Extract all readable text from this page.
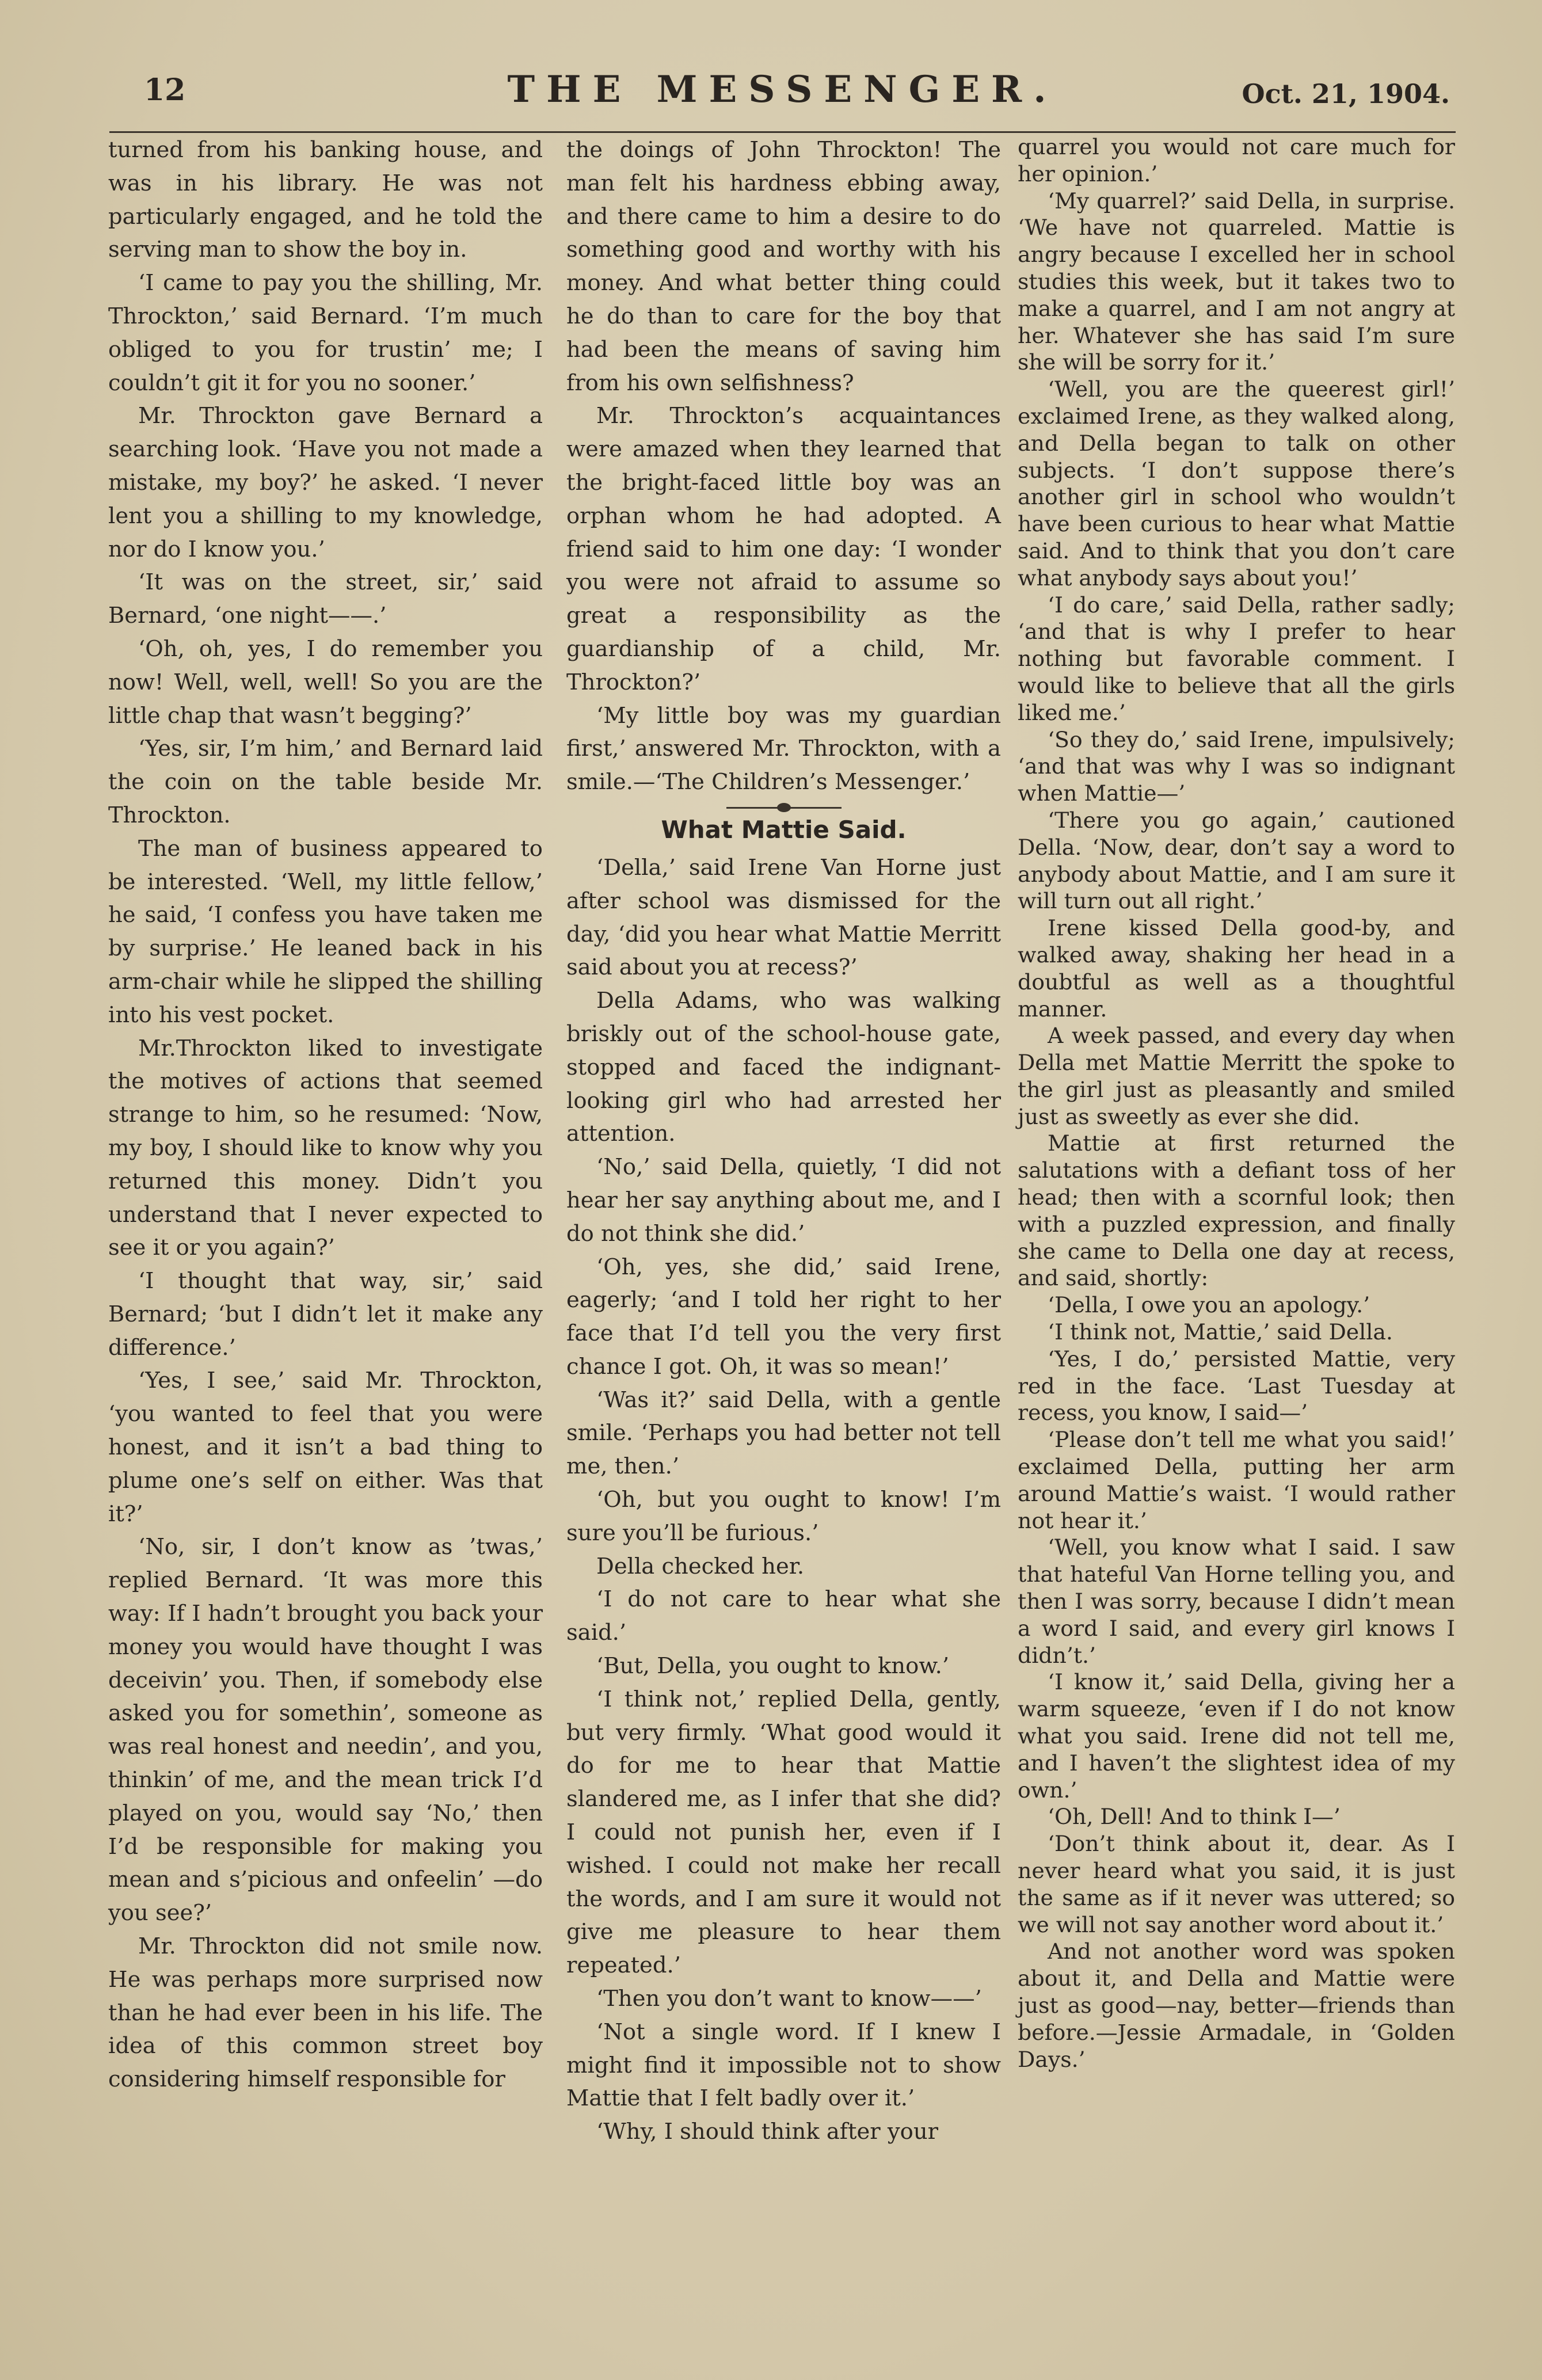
12	THE MESSENGER.	Oct. 21, 1904.

turned from his banking house, and was in his library. He was not particularly engaged, and he told the serving man to show the boy in.

‘I came to pay you the shilling, Mr. Throckton,’ said Bernard. ‘I’m much obliged to you for trustin’ me; I couldn’t git it for you no sooner.’

Mr. Throckton gave Bernard a searching look. ‘Have you not made a mistake, my boy?’ he asked. ‘I never lent you a shilling to my knowledge, nor do I know you.’

‘It was on the street, sir,’ said Bernard, ‘one night——.’

‘Oh, oh, yes, I do remember you now! Well, well, well! So you are the little chap that wasn’t begging?’

‘Yes, sir, I’m him,’ and Bernard laid the coin on the table beside Mr. Throckton.

The man of business appeared to be interested. ‘Well, my little fellow,’ he said, ‘I confess you have taken me by surprise.’ He leaned back in his arm-chair while he slipped the shilling into his vest pocket.

Mr.Throckton liked to investigate the motives of actions that seemed strange to him, so he resumed: ‘Now, my boy, I should like to know why you returned this money. Didn’t you understand that I never expected to see it or you again?’

‘I thought that way, sir,’ said Bernard; ‘but I didn’t let it make any difference.’

‘Yes, I see,’ said Mr. Throckton, ‘you wanted to feel that you were honest, and it isn’t a bad thing to plume one’s self on either. Was that it?’

‘No, sir, I don’t know as ’twas,’ replied Bernard. ‘It was more this way: If I hadn’t brought you back your money you would have thought I was deceivin’ you. Then, if somebody else asked you for somethin’, someone as was real honest and needin’, and you, thinkin’ of me, and the mean trick I’d played on you, would say ‘No,’ then I’d be responsible for making you mean and s’picious and onfeelin’ —do you see?’

Mr. Throckton did not smile now. He was perhaps more surprised now than he had ever been in his life. The idea of this common street boy considering himself responsible for

the doings of John Throckton! The man felt his hardness ebbing away, and there came to him a desire to do something good and worthy with his money. And what better thing could he do than to care for the boy that had been the means of saving him from his own selfishness?

Mr. Throckton’s acquaintances were amazed when they learned that the bright-faced little boy was an orphan whom he had adopted. A friend said to him one day: ‘I wonder you were not afraid to assume so great a responsibility as the guardianship of a child, Mr. Throckton?’

‘My little boy was my guardian first,’ answered Mr. Throckton, with a smile.—‘The Children’s Messenger.’

What Mattie Said.

‘Della,’ said Irene Van Horne just after school was dismissed for the day, ‘did you hear what Mattie Merritt said about you at recess?’

Della Adams, who was walking briskly out of the school-house gate, stopped and faced the indignant-looking girl who had arrested her attention.

‘No,’ said Della, quietly, ‘I did not hear her say anything about me, and I do not think she did.’

‘Oh, yes, she did,’ said Irene, eagerly; ‘and I told her right to her face that I’d tell you the very first chance I got. Oh, it was so mean!’

‘Was it?’ said Della, with a gentle smile. ‘Perhaps you had better not tell me, then.’

‘Oh, but you ought to know! I’m sure you’ll be furious.’

Della checked her.

‘I do not care to hear what she said.’

‘But, Della, you ought to know.’

‘I think not,’ replied Della, gently, but very firmly. ‘What good would it do for me to hear that Mattie slandered me, as I infer that she did? I could not punish her, even if I wished. I could not make her recall the words, and I am sure it would not give me pleasure to hear them repeated.’

‘Then you don’t want to know——’

‘Not a single word. If I knew I might find it impossible not to show Mattie that I felt badly over it.’

‘Why, I should think after your

quarrel you would not care much for her opinion.’

‘My quarrel?’ said Della, in surprise. ‘We have not quarreled. Mattie is angry because I excelled her in school studies this week, but it takes two to make a quarrel, and I am not angry at her. Whatever she has said I’m sure she will be sorry for it.’

‘Well, you are the queerest girl!’ exclaimed Irene, as they walked along, and Della began to talk on other subjects. ‘I don’t suppose there’s another girl in school who wouldn’t have been curious to hear what Mattie said. And to think that you don’t care what anybody says about you!’

‘I do care,’ said Della, rather sadly; ‘and that is why I prefer to hear nothing but favorable comment. I would like to believe that all the girls liked me.’

‘So they do,’ said Irene, impulsively; ‘and that was why I was so indignant when Mattie—’

‘There you go again,’ cautioned Della. ‘Now, dear, don’t say a word to anybody about Mattie, and I am sure it will turn out all right.’

Irene kissed Della good-by, and walked away, shaking her head in a doubtful as well as a thoughtful manner.

A week passed, and every day when Della met Mattie Merritt the spoke to the girl just as pleasantly and smiled just as sweetly as ever she did.

Mattie at first returned the salutations with a defiant toss of her head; then with a scornful look; then with a puzzled expression, and finally she came to Della one day at recess, and said, shortly:

‘Della, I owe you an apology.’

‘I think not, Mattie,’ said Della.

‘Yes, I do,’ persisted Mattie, very red in the face. ‘Last Tuesday at recess, you know, I said—’

‘Please don’t tell me what you said!’ exclaimed Della, putting her arm around Mattie’s waist. ‘I would rather not hear it.’

‘Well, you know what I said. I saw that hateful Van Horne telling you, and then I was sorry, because I didn’t mean a word I said, and every girl knows I didn’t.’

‘I know it,’ said Della, giving her a warm squeeze, ‘even if I do not know what you said. Irene did not tell me, and I haven’t the slightest idea of my own.’

‘Oh, Dell! And to think I—’

‘Don’t think about it, dear. As I never heard what you said, it is just the same as if it never was uttered; so we will not say another word about it.’

And not another word was spoken about it, and Della and Mattie were just as good—nay, better—friends than before.—Jessie Armadale, in ‘Golden Days.’
